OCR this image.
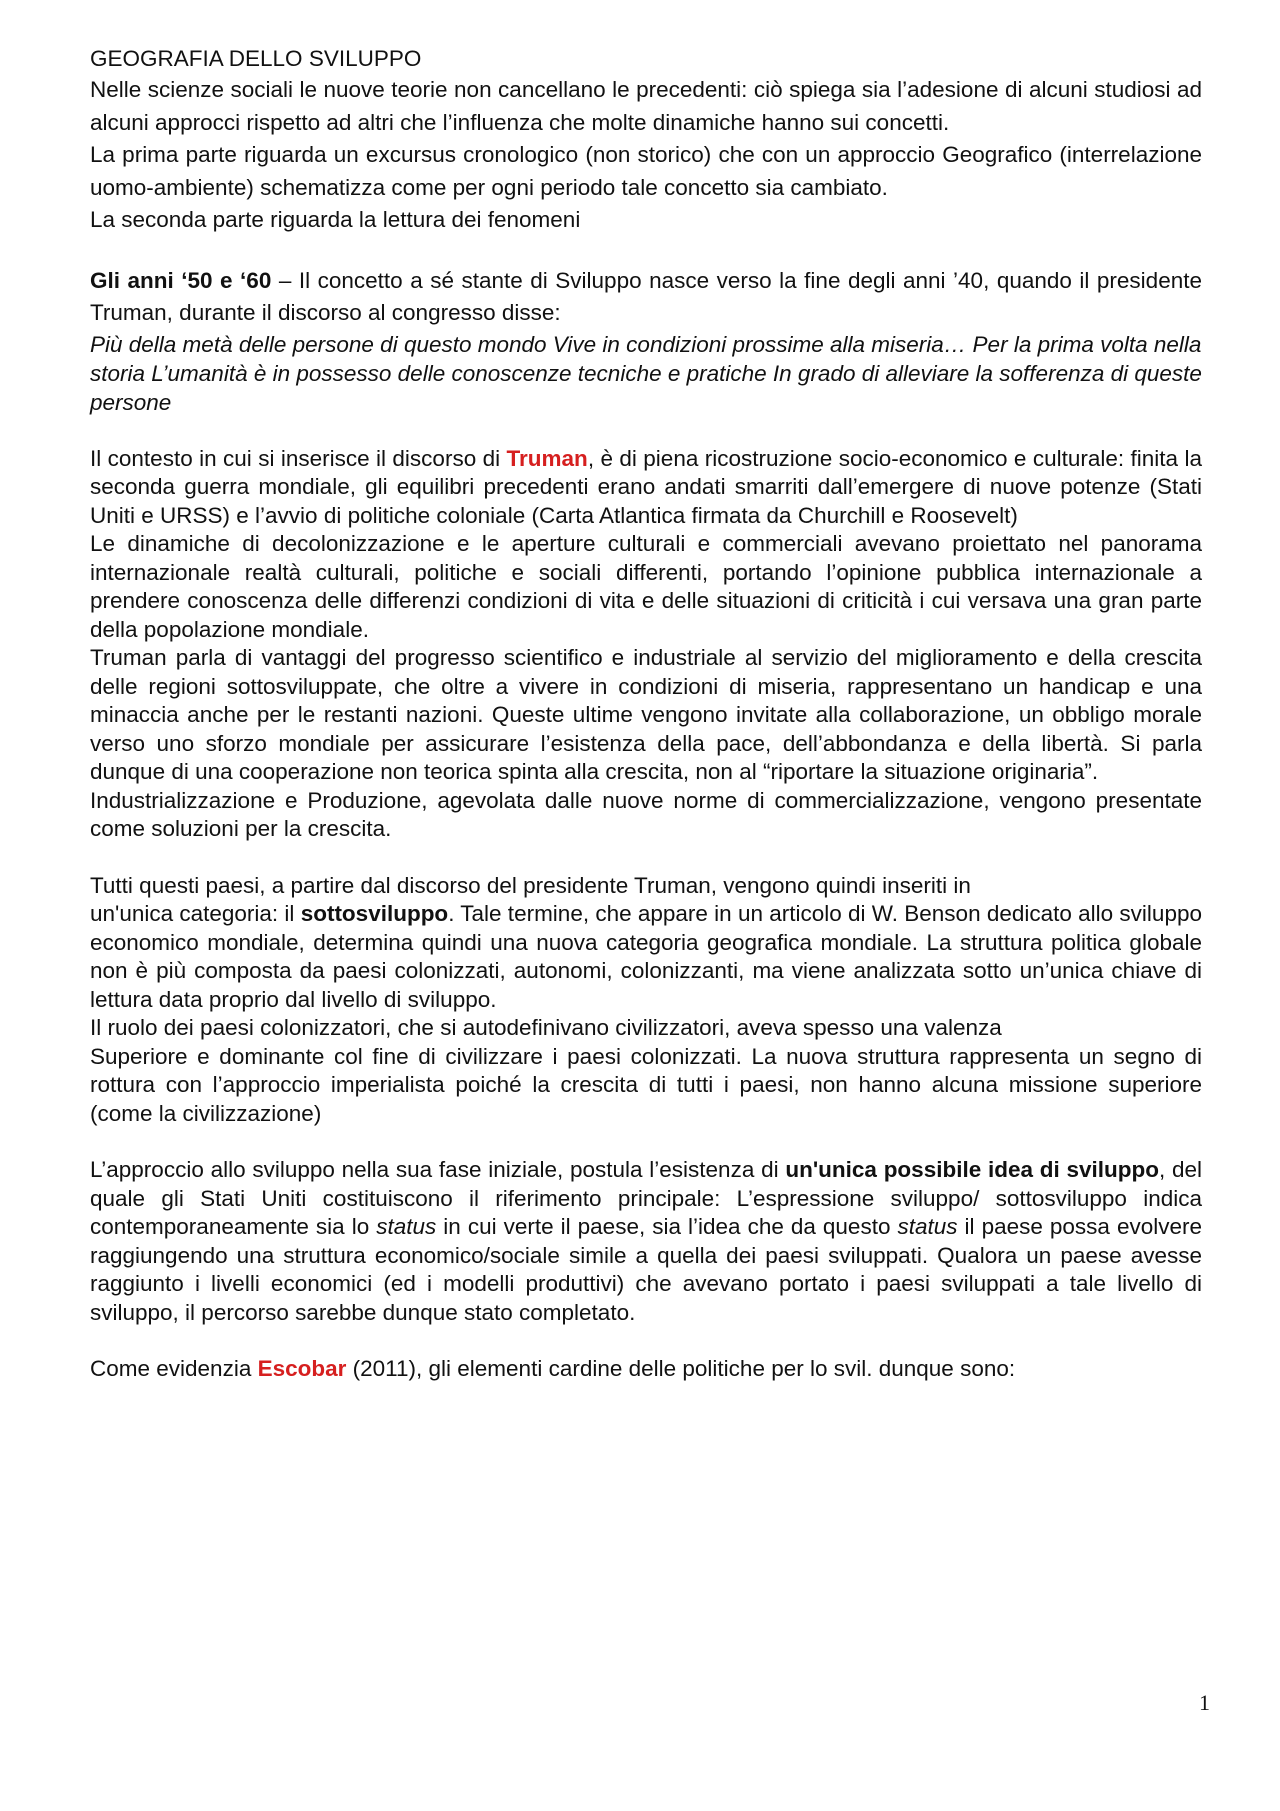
GEOGRAFIA DELLO SVILUPPO

Nelle scienze sociali le nuove teorie non cancellano le precedenti: ciò spiega sia l’adesione di alcuni studiosi ad alcuni approcci rispetto ad altri che l’influenza che molte dinamiche hanno sui concetti.

La prima parte riguarda un excursus cronologico (non storico) che con un approccio Geografico (interrelazione uomo-ambiente) schematizza come per ogni periodo tale concetto sia cambiato.

La seconda parte riguarda la lettura dei fenomeni

Gli anni ‘50 e ‘60 – Il concetto a sé stante di Sviluppo nasce verso la fine degli anni ’40, quando il presidente Truman, durante il discorso al congresso disse:

Più della metà delle persone di questo mondo Vive in condizioni prossime alla miseria… Per la prima volta nella storia L’umanità è in possesso delle conoscenze tecniche e pratiche In grado di alleviare la sofferenza di queste persone

Il contesto in cui si inserisce il discorso di Truman, è di piena ricostruzione socio-economico e culturale: finita la seconda guerra mondiale, gli equilibri precedenti erano andati smarriti dall’emergere di nuove potenze (Stati Uniti e URSS) e l’avvio di politiche coloniale (Carta Atlantica firmata da Churchill e Roosevelt)

Le dinamiche di decolonizzazione e le aperture culturali e commerciali avevano proiettato nel panorama internazionale realtà culturali, politiche e sociali differenti, portando l’opinione pubblica internazionale a prendere conoscenza delle differenzi condizioni di vita e delle situazioni di criticità i cui versava una gran parte della popolazione mondiale.

Truman parla di vantaggi del progresso scientifico e industriale al servizio del miglioramento e della crescita delle regioni sottosviluppate, che oltre a vivere in condizioni di miseria, rappresentano un handicap e una minaccia anche per le restanti nazioni. Queste ultime vengono invitate alla collaborazione, un obbligo morale verso uno sforzo mondiale per assicurare l’esistenza della pace, dell’abbondanza e della libertà. Si parla dunque di una cooperazione non teorica spinta alla crescita, non al “riportare la situazione originaria”.

Industrializzazione e Produzione, agevolata dalle nuove norme di commercializzazione, vengono presentate come soluzioni per la crescita.

Tutti questi paesi, a partire dal discorso del presidente Truman, vengono quindi inseriti in

un'unica categoria: il sottosviluppo. Tale termine, che appare in un articolo di W. Benson dedicato allo sviluppo economico mondiale, determina quindi una nuova categoria geografica mondiale. La struttura politica globale non è più composta da paesi colonizzati, autonomi, colonizzanti, ma viene analizzata sotto un’unica chiave di lettura data proprio dal livello di sviluppo.

Il ruolo dei paesi colonizzatori, che si autodefinivano civilizzatori, aveva spesso una valenza

Superiore e dominante col fine di civilizzare i paesi colonizzati. La nuova struttura rappresenta un segno di rottura con l’approccio imperialista poiché la crescita di tutti i paesi, non hanno alcuna missione superiore (come la civilizzazione)

L’approccio allo sviluppo nella sua fase iniziale, postula l’esistenza di un'unica possibile idea di sviluppo, del quale gli Stati Uniti costituiscono il riferimento principale: L’espressione sviluppo/ sottosviluppo indica contemporaneamente sia lo status in cui verte il paese, sia l’idea che da questo status il paese possa evolvere raggiungendo una struttura economico/sociale simile a quella dei paesi sviluppati. Qualora un paese avesse raggiunto i livelli economici (ed i modelli produttivi) che avevano portato i paesi sviluppati a tale livello di sviluppo, il percorso sarebbe dunque stato completato.

Come evidenzia Escobar (2011), gli elementi cardine delle politiche per lo svil. dunque sono:

1
